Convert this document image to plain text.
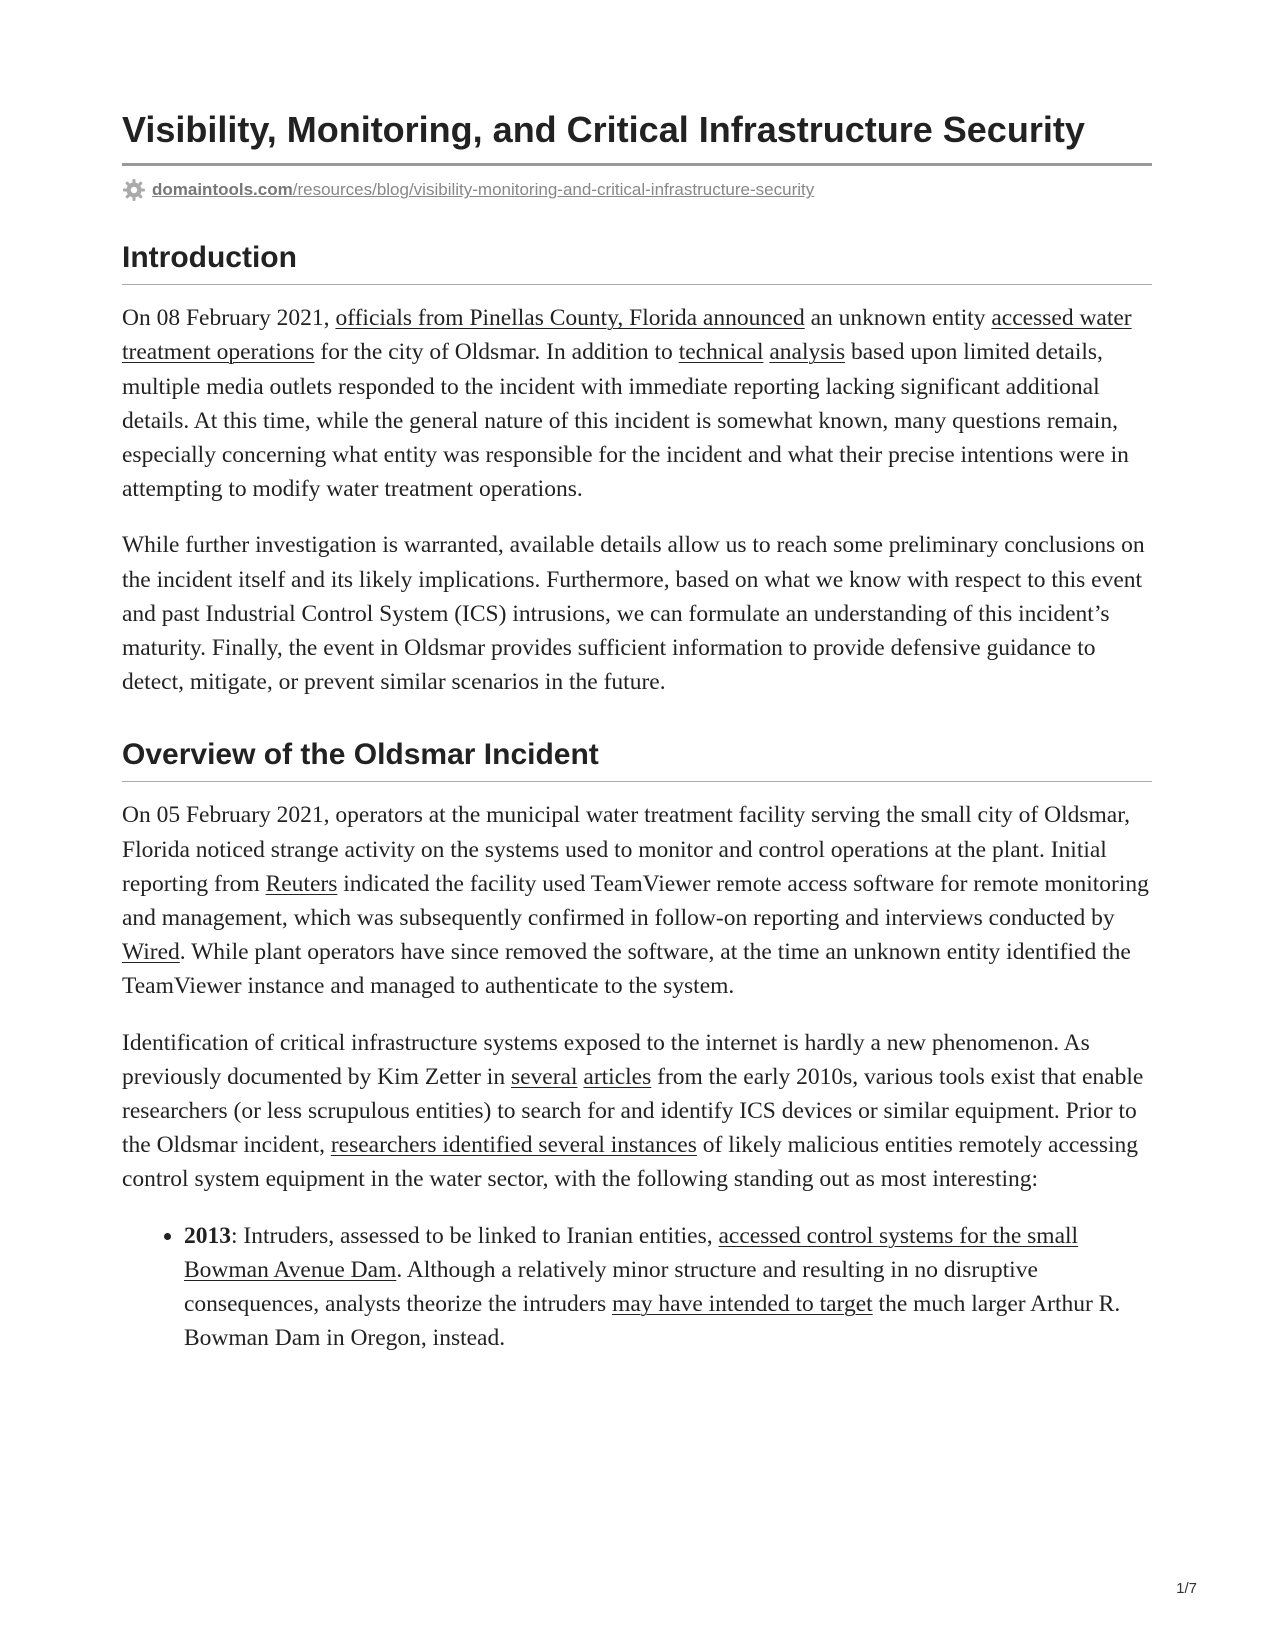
Visibility, Monitoring, and Critical Infrastructure Security
domaintools.com/resources/blog/visibility-monitoring-and-critical-infrastructure-security
Introduction

On 08 February 2021, officials from Pinellas County, Florida announced an unknown entity accessed water treatment operations for the city of Oldsmar. In addition to technical analysis based upon limited details, multiple media outlets responded to the incident with immediate reporting lacking significant additional details. At this time, while the general nature of this incident is somewhat known, many questions remain, especially concerning what entity was responsible for the incident and what their precise intentions were in attempting to modify water treatment operations.

While further investigation is warranted, available details allow us to reach some preliminary conclusions on the incident itself and its likely implications. Furthermore, based on what we know with respect to this event and past Industrial Control System (ICS) intrusions, we can formulate an understanding of this incident’s maturity. Finally, the event in Oldsmar provides sufficient information to provide defensive guidance to detect, mitigate, or prevent similar scenarios in the future.

Overview of the Oldsmar Incident

On 05 February 2021, operators at the municipal water treatment facility serving the small city of Oldsmar, Florida noticed strange activity on the systems used to monitor and control operations at the plant. Initial reporting from Reuters indicated the facility used TeamViewer remote access software for remote monitoring and management, which was subsequently confirmed in follow-on reporting and interviews conducted by Wired. While plant operators have since removed the software, at the time an unknown entity identified the TeamViewer instance and managed to authenticate to the system.

Identification of critical infrastructure systems exposed to the internet is hardly a new phenomenon. As previously documented by Kim Zetter in several articles from the early 2010s, various tools exist that enable researchers (or less scrupulous entities) to search for and identify ICS devices or similar equipment. Prior to the Oldsmar incident, researchers identified several instances of likely malicious entities remotely accessing control system equipment in the water sector, with the following standing out as most interesting:

• 2013: Intruders, assessed to be linked to Iranian entities, accessed control systems for the small Bowman Avenue Dam. Although a relatively minor structure and resulting in no disruptive consequences, analysts theorize the intruders may have intended to target the much larger Arthur R. Bowman Dam in Oregon, instead.
1/7
